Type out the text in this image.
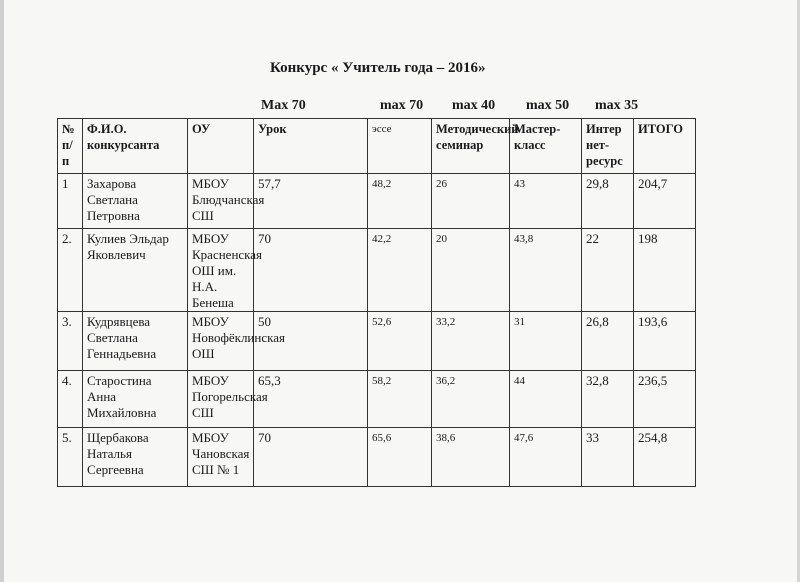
Конкурс « Учитель года – 2016»
Max 70	max 70 max 40 max 50 max 35
№ п/п	Ф.И.О. конкурсанта	ОУ	Урок	эссе	Методический семинар	Мастер-класс	Интер нет-ресурс	ИТОГО
1	Захарова Светлана Петровна	МБОУ Блюдчанская СШ	57,7	48,2	26	43	29,8	204,7
2.	Кулиев Эльдар Яковлевич	МБОУ Красненская ОШ им. Н.А. Бенеша	70	42,2	20	43,8	22	198
3.	Кудрявцева Светлана Геннадьевна	МБОУ Новофёклинская ОШ	50	52,6	33,2	31	26,8	193,6
4.	Старостина Анна Михайловна	МБОУ Погорельская СШ	65,3	58,2	36,2	44	32,8	236,5
5.	Щербакова Наталья Сергеевна	МБОУ Чановская СШ № 1	70	65,6	38,6	47,6	33	254,8
